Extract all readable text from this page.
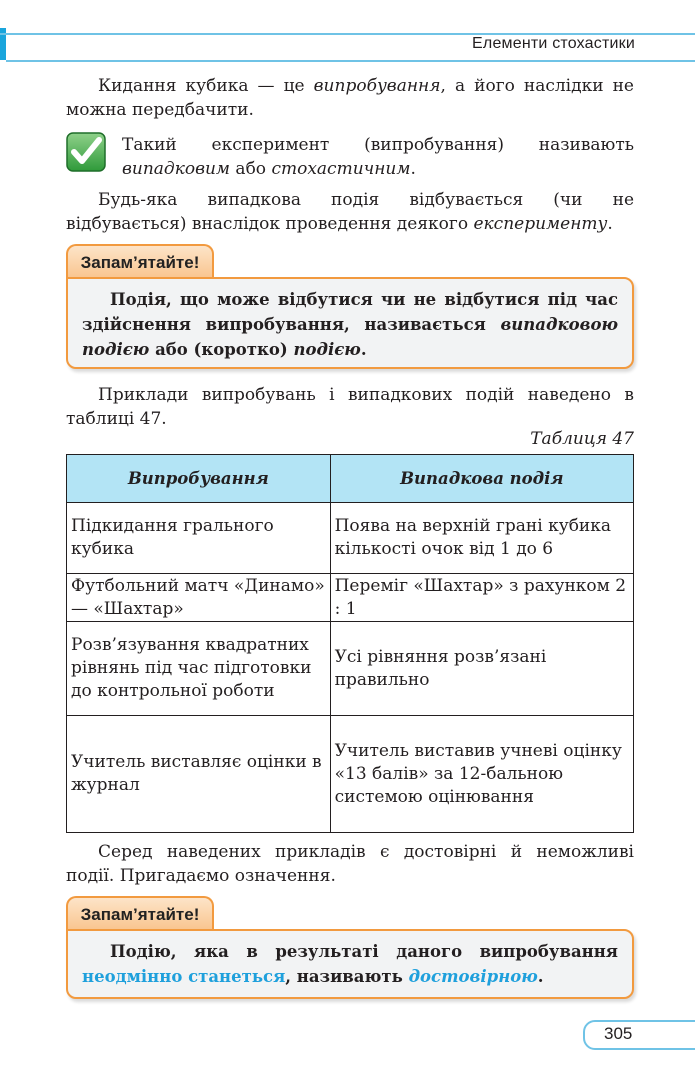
Елементи стохастики
Кидання кубика — це випробування, а його наслідки не можна передбачити.
Такий експеримент (випробування) називають випадковим або стохастичним.
Будь-яка випадкова подія відбувається (чи не відбувається) внаслідок проведення деякого експерименту.
Запам’ятайте!
Подія, що може відбутися чи не відбутися під час здійснення випробування, називається випадковою подією або (коротко) подією.
Приклади випробувань і випадкових подій наведено в таблиці 47.
Таблиця 47
Випробування	Випадкова подія
Підкидання грального кубика	Поява на верхній грані кубика кількості очок від 1 до 6
Футбольний матч «Динамо» — «Шахтар»	Переміг «Шахтар» з рахунком 2 : 1
Розв’язування квадратних рівнянь під час підготовки до контрольної роботи	Усі рівняння розв’язані правильно
Учитель виставляє оцінки в журнал	Учитель виставив учневі оцінку «13 балів» за 12-бальною системою оцінювання
Серед наведених прикладів є достовірні й неможливі події. Пригадаємо означення.
Запам’ятайте!
Подію, яка в результаті даного випробування неодмінно станеться, називають достовірною.
305
